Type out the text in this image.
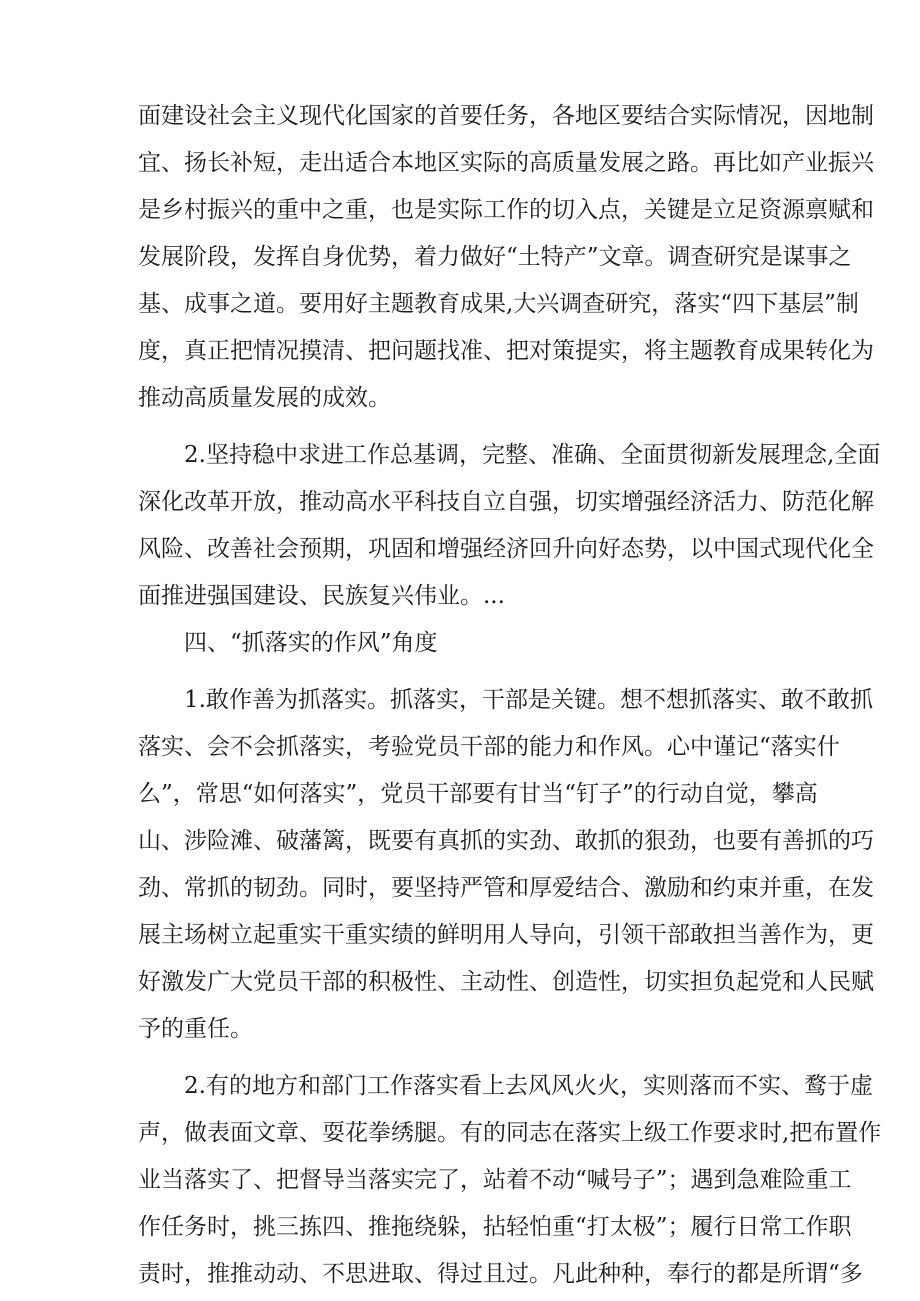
面建设社会主义现代化国家的首要任务，各地区要结合实际情况，因地制
宜、扬长补短，走出适合本地区实际的高质量发展之路。再比如产业振兴
是乡村振兴的重中之重，也是实际工作的切入点，关键是立足资源禀赋和
发展阶段，发挥自身优势，着力做好“土特产”文章。调查研究是谋事之
基、成事之道。要用好主题教育成果,大兴调查研究，落实“四下基层”制
度，真正把情况摸清、把问题找准、把对策提实，将主题教育成果转化为
推动高质量发展的成效。
2.坚持稳中求进工作总基调，完整、准确、全面贯彻新发展理念,全面
深化改革开放，推动高水平科技自立自强，切实增强经济活力、防范化解
风险、改善社会预期，巩固和增强经济回升向好态势，以中国式现代化全
面推进强国建设、民族复兴伟业。...
四、“抓落实的作风”角度
1.敢作善为抓落实。抓落实，干部是关键。想不想抓落实、敢不敢抓
落实、会不会抓落实，考验党员干部的能力和作风。心中谨记“落实什
么”，常思“如何落实”，党员干部要有甘当“钉子”的行动自觉，攀高
山、涉险滩、破藩篱，既要有真抓的实劲、敢抓的狠劲，也要有善抓的巧
劲、常抓的韧劲。同时，要坚持严管和厚爱结合、激励和约束并重，在发
展主场树立起重实干重实绩的鲜明用人导向，引领干部敢担当善作为，更
好激发广大党员干部的积极性、主动性、创造性，切实担负起党和人民赋
予的重任。
2.有的地方和部门工作落实看上去风风火火，实则落而不实、鹜于虚
声，做表面文章、耍花拳绣腿。有的同志在落实上级工作要求时,把布置作
业当落实了、把督导当落实完了，站着不动“喊号子”；遇到急难险重工
作任务时，挑三拣四、推拖绕躲，拈轻怕重“打太极”；履行日常工作职
责时，推推动动、不思进取、得过且过。凡此种种，奉行的都是所谓“多
